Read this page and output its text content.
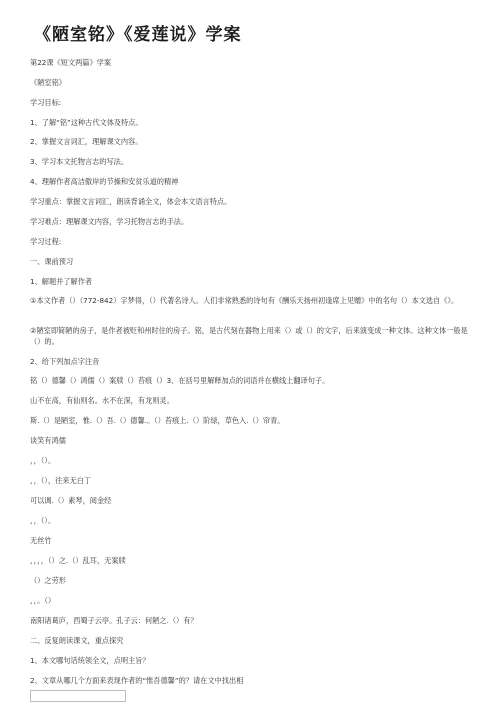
《陋室铭》《爱莲说》学案
第22课《短文两篇》学案
《陋室铭》
学习目标:
1、了解“铭”这种古代文体及特点。
2、掌握文言词汇，理解课文内容。
3、学习本文托物言志的写法。
4、理解作者高洁傲岸的节操和安贫乐道的精神
学习重点：掌握文言词汇，朗读背诵全文，体会本文语言特点。
学习难点：理解课文内容，学习托物言志的手法。
学习过程:
一、课前预习
1、解题并了解作者
①本文作者（）（772-842）字梦得，（）代著名诗人。人们非常熟悉的诗句有《酬乐天扬州初逢席上见赠》中的名句（）本文选自《》。
②陋室即简陋的房子，是作者被贬和州时住的房子。铭，是古代刻在器物上用来（）或（）的文字，后来演变成一种文体。这种文体一般是（）的。
2、给下列加点字注音
铭（）德馨（）鸿儒（）案牍（）苔痕（）3、在括号里解释加点的词语并在横线上翻译句子。
山不在高，有仙则名。水不在深，有龙则灵。
斯.（）是陋室，惟.（）吾.（）德馨.。（）苔痕上.（）阶绿，草色入.（）帘青。
谈笑有鸿儒
，，（）。
，，（），往来无白丁
可以调.（）素琴，阅金经
，，（）。
无丝竹
，，，，（）之.（）乱耳，无案牍
（）之劳形
，，。（）
南阳诸葛庐，西蜀子云亭。孔子云：何陋之.（）有？
二、反复朗读课文，重点探究
1、本文哪句话统领全文，点明主旨？
2、文章从哪几个方面来表现作者的“惟吾德馨”的？请在文中找出相
